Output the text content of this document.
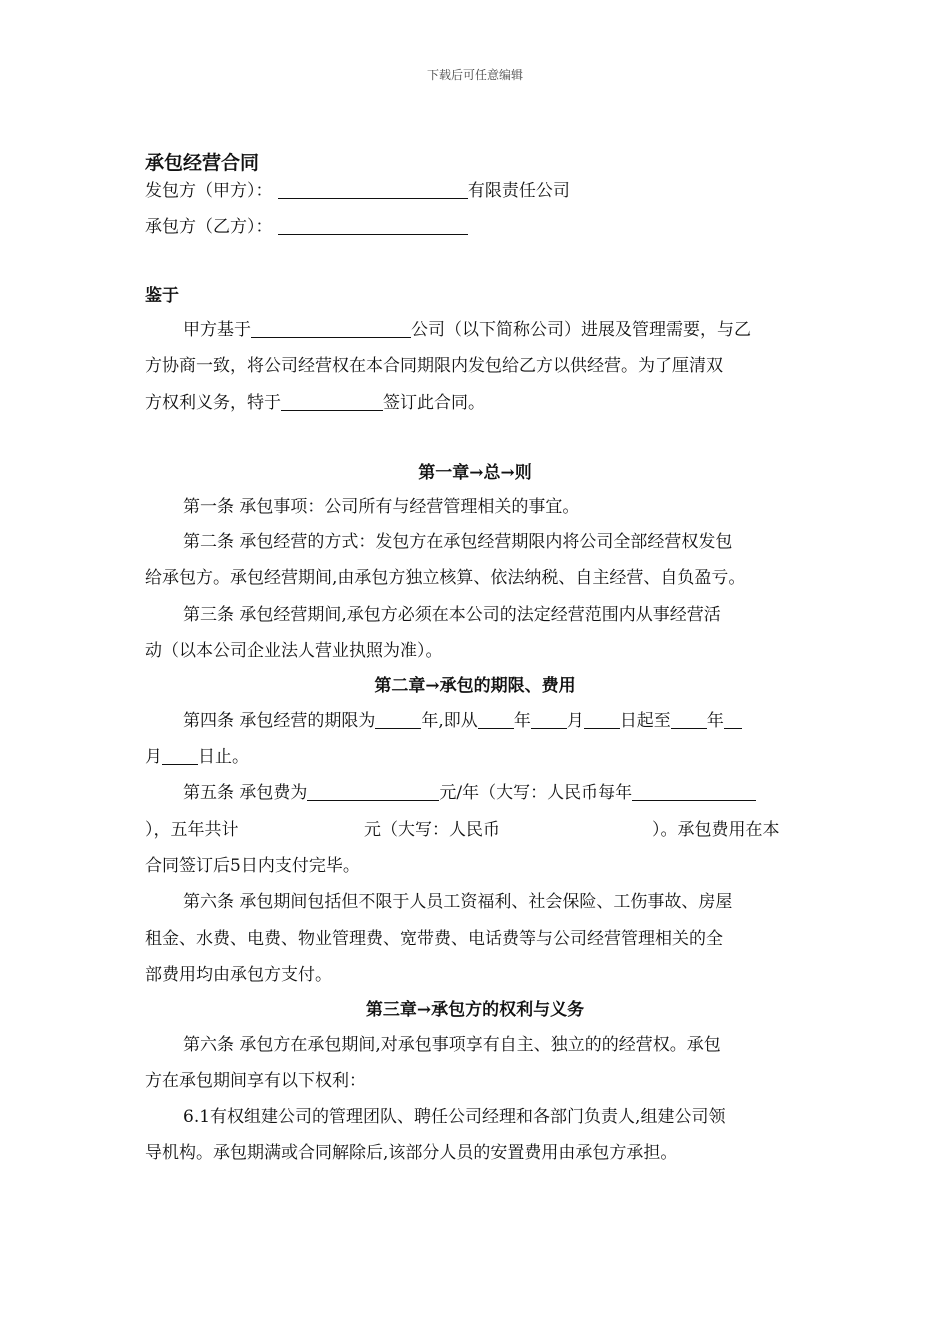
下载后可任意编辑
承包经营合同
发包方（甲方）：	有限责任公司
承包方（乙方）：
鉴于
甲方基于	公司（以下简称公司）进展及管理需要，与乙
方协商一致，将公司经营权在本合同期限内发包给乙方以供经营。为了厘清双
方权利义务，特于	签订此合同。
第一章→总→则
第一条 承包事项：公司所有与经营管理相关的事宜。
第二条 承包经营的方式：发包方在承包经营期限内将公司全部经营权发包
给承包方。承包经营期间,由承包方独立核算、依法纳税、自主经营、自负盈亏。
第三条 承包经营期间,承包方必须在本公司的法定经营范围内从事经营活
动（以本公司企业法人营业执照为准）。
第二章→承包的期限、费用
第四条 承包经营的期限为	年,即从 年 月 日起至 年
月 日止。
第五条 承包费为	元/年（大写：人民币每年
），五年共计	元（大写：人民币	）。承包费用在本
合同签订后5日内支付完毕。
第六条 承包期间包括但不限于人员工资福利、社会保险、工伤事故、房屋
租金、水费、电费、物业管理费、宽带费、电话费等与公司经营管理相关的全
部费用均由承包方支付。
第三章→承包方的权利与义务
第六条 承包方在承包期间,对承包事项享有自主、独立的的经营权。承包
方在承包期间享有以下权利：
6.1有权组建公司的管理团队、聘任公司经理和各部门负责人,组建公司领
导机构。承包期满或合同解除后,该部分人员的安置费用由承包方承担。
